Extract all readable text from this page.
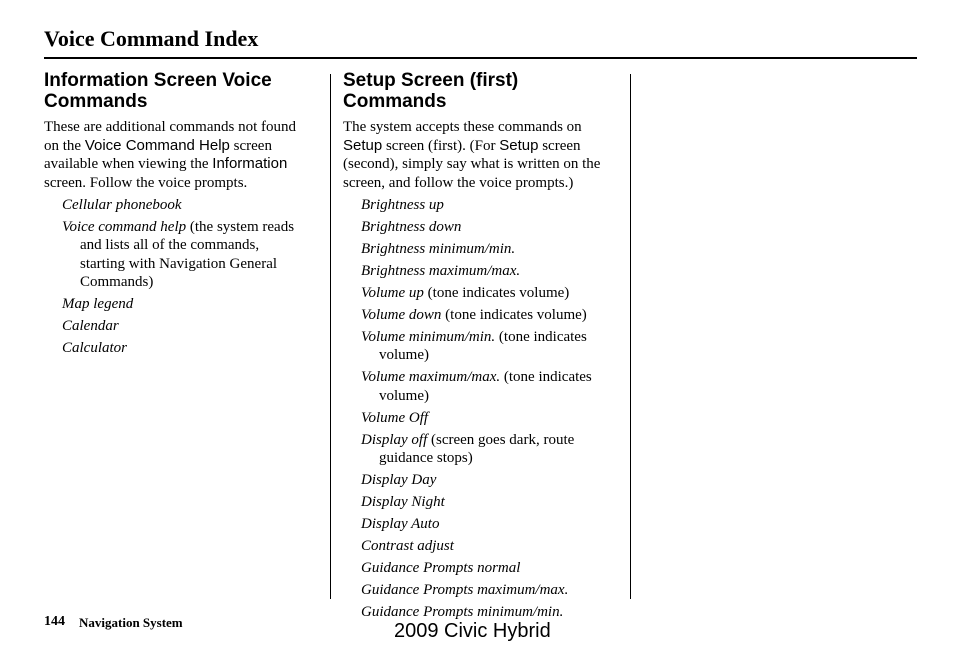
Voice Command Index
Information Screen Voice Commands

These are additional commands not found on the Voice Command Help screen available when viewing the Information screen. Follow the voice prompts.

Cellular phonebook
Voice command help (the system reads and lists all of the commands, starting with Navigation General Commands)
Map legend
Calendar
Calculator
Setup Screen (first) Commands

The system accepts these commands on Setup screen (first). (For Setup screen (second), simply say what is written on the screen, and follow the voice prompts.)

Brightness up
Brightness down
Brightness minimum/min.
Brightness maximum/max.
Volume up (tone indicates volume)
Volume down (tone indicates volume)
Volume minimum/min. (tone indicates volume)
Volume maximum/max. (tone indicates volume)
Volume Off
Display off (screen goes dark, route guidance stops)
Display Day
Display Night
Display Auto
Contrast adjust
Guidance Prompts normal
Guidance Prompts maximum/max.
Guidance Prompts minimum/min.
144 Navigation System	2009 Civic Hybrid
